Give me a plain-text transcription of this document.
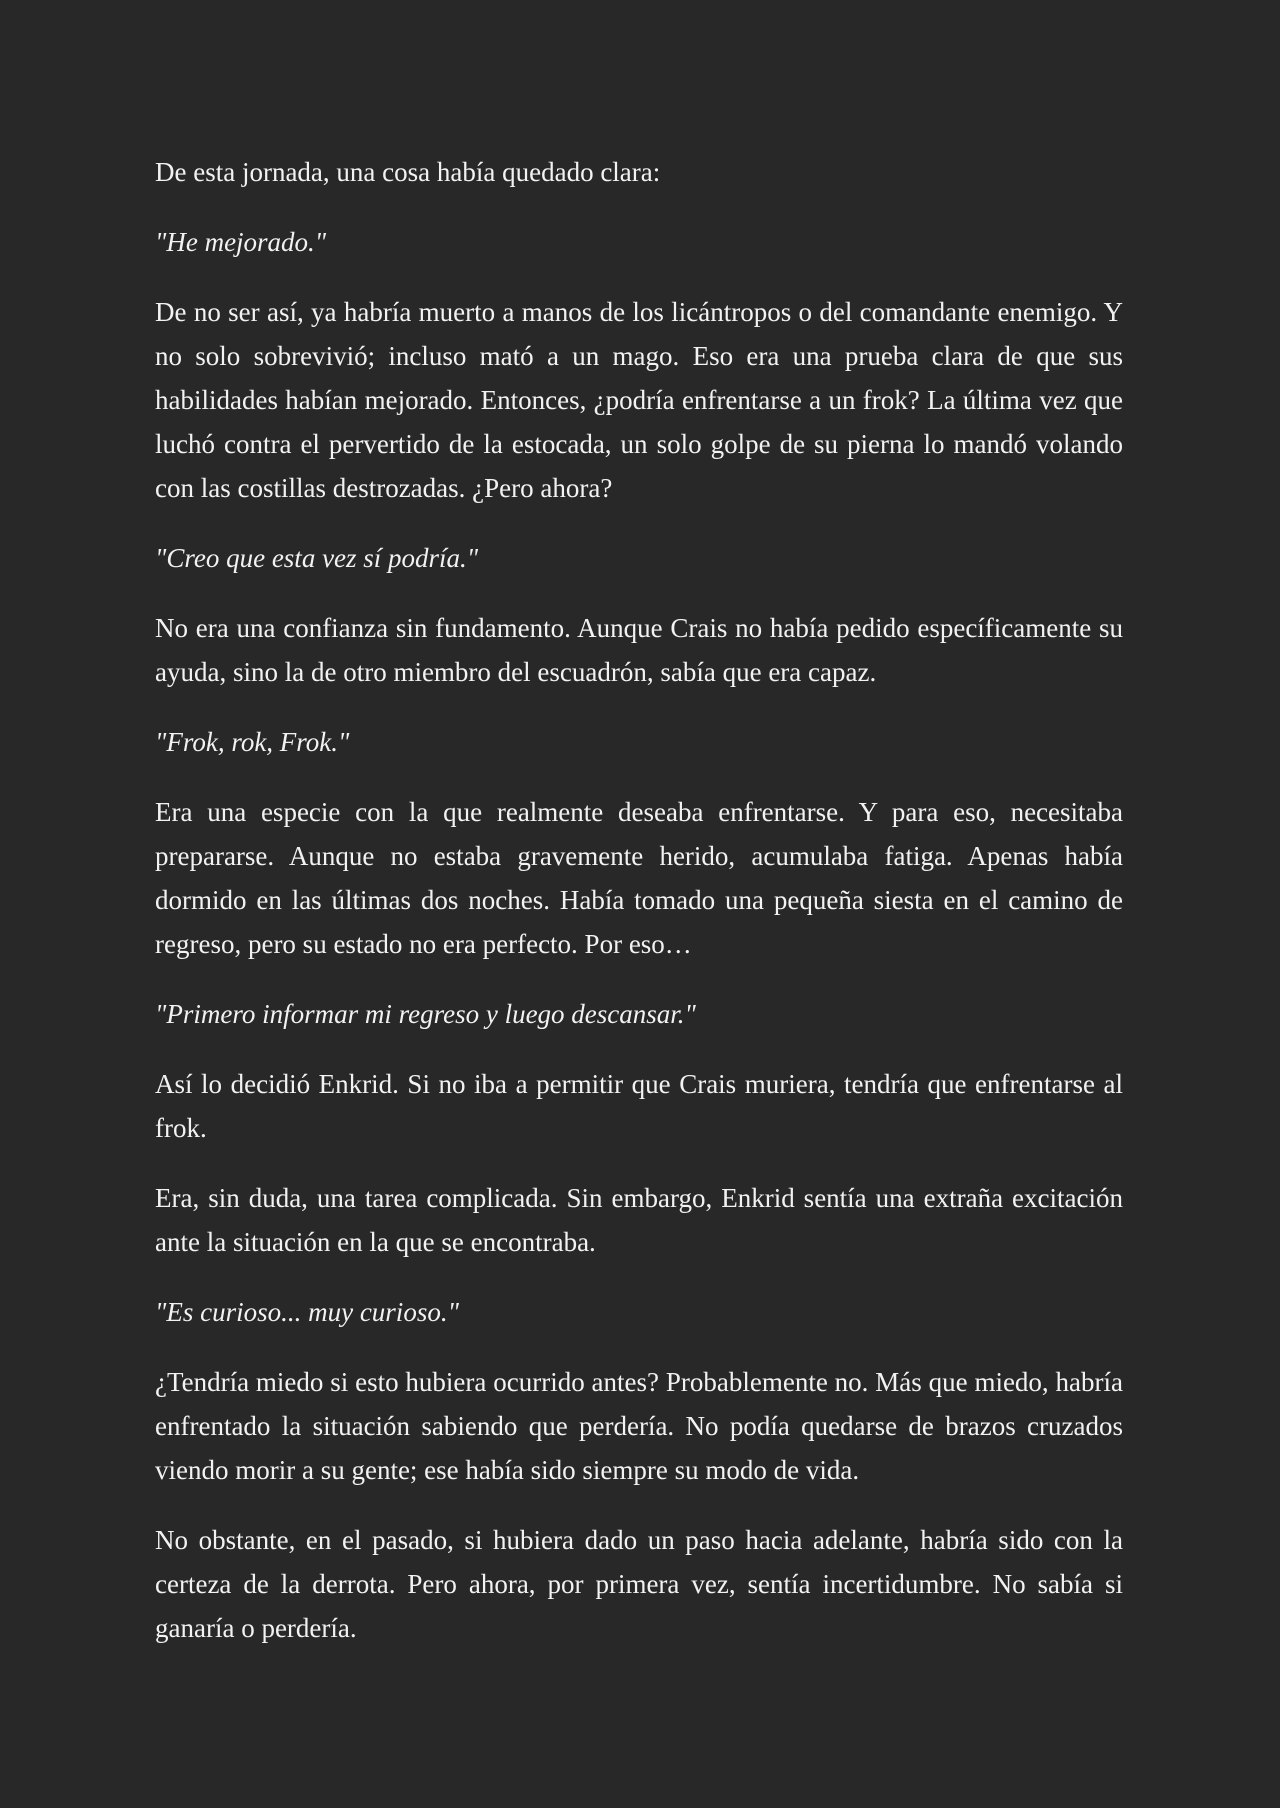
De esta jornada, una cosa había quedado clara:

"He mejorado."

De no ser así, ya habría muerto a manos de los licántropos o del comandante enemigo. Y no solo sobrevivió; incluso mató a un mago. Eso era una prueba clara de que sus habilidades habían mejorado. Entonces, ¿podría enfrentarse a un frok? La última vez que luchó contra el pervertido de la estocada, un solo golpe de su pierna lo mandó volando con las costillas destrozadas. ¿Pero ahora?

"Creo que esta vez sí podría."

No era una confianza sin fundamento. Aunque Crais no había pedido específicamente su ayuda, sino la de otro miembro del escuadrón, sabía que era capaz.

"Frok, rok, Frok."

Era una especie con la que realmente deseaba enfrentarse. Y para eso, necesitaba prepararse. Aunque no estaba gravemente herido, acumulaba fatiga. Apenas había dormido en las últimas dos noches. Había tomado una pequeña siesta en el camino de regreso, pero su estado no era perfecto. Por eso…

"Primero informar mi regreso y luego descansar."

Así lo decidió Enkrid. Si no iba a permitir que Crais muriera, tendría que enfrentarse al frok.

Era, sin duda, una tarea complicada. Sin embargo, Enkrid sentía una extraña excitación ante la situación en la que se encontraba.

"Es curioso... muy curioso."

¿Tendría miedo si esto hubiera ocurrido antes? Probablemente no. Más que miedo, habría enfrentado la situación sabiendo que perdería. No podía quedarse de brazos cruzados viendo morir a su gente; ese había sido siempre su modo de vida.

No obstante, en el pasado, si hubiera dado un paso hacia adelante, habría sido con la certeza de la derrota. Pero ahora, por primera vez, sentía incertidumbre. No sabía si ganaría o perdería.
